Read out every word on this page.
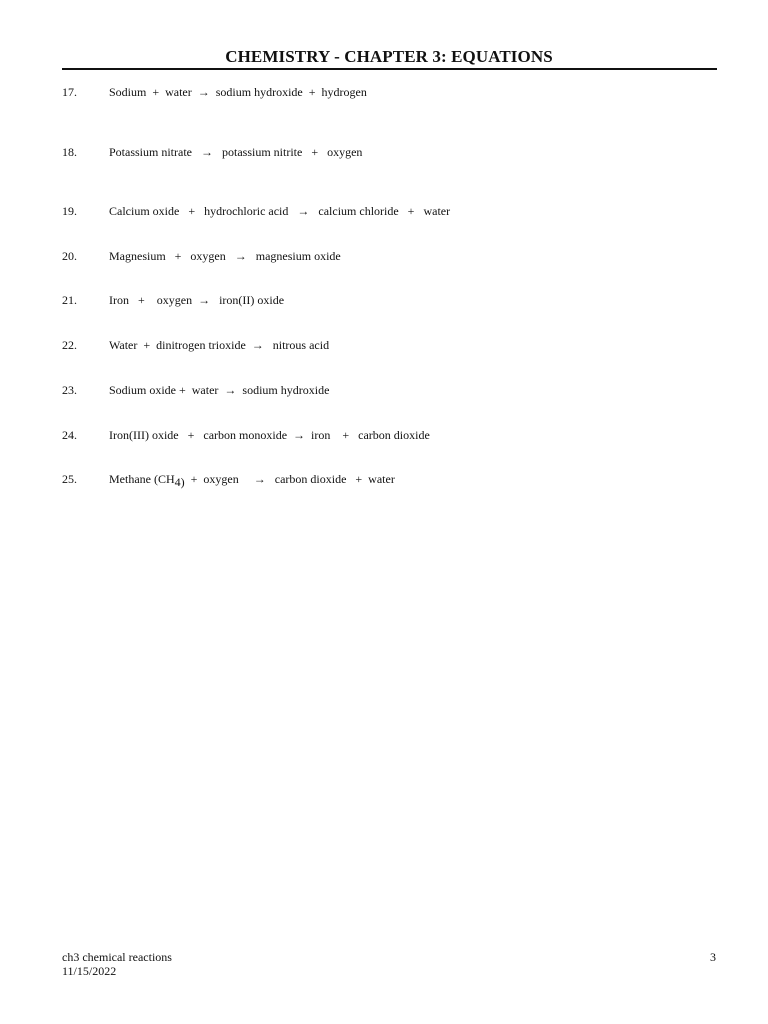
CHEMISTRY - CHAPTER 3: EQUATIONS

17.

	Sodium  +  water  →  sodium hydroxide  +  hydrogen

18.

	Potassium nitrate   →   potassium nitrite   +   oxygen

19.

	Calcium oxide   +   hydrochloric acid   →   calcium chloride   +   water

20.

	Magnesium   +   oxygen   →   magnesium oxide

21.

	Iron   +    oxygen  →   iron(II) oxide

22.

	Water  +  dinitrogen trioxide  →   nitrous acid

23.

	Sodium oxide +  water  →  sodium hydroxide

24.

	Iron(III) oxide   +   carbon monoxide  →  iron    +   carbon dioxide

25.

	Methane (CH4)  +  oxygen     →   carbon dioxide   +  water

ch3 chemical reactions
11/15/2022
3
